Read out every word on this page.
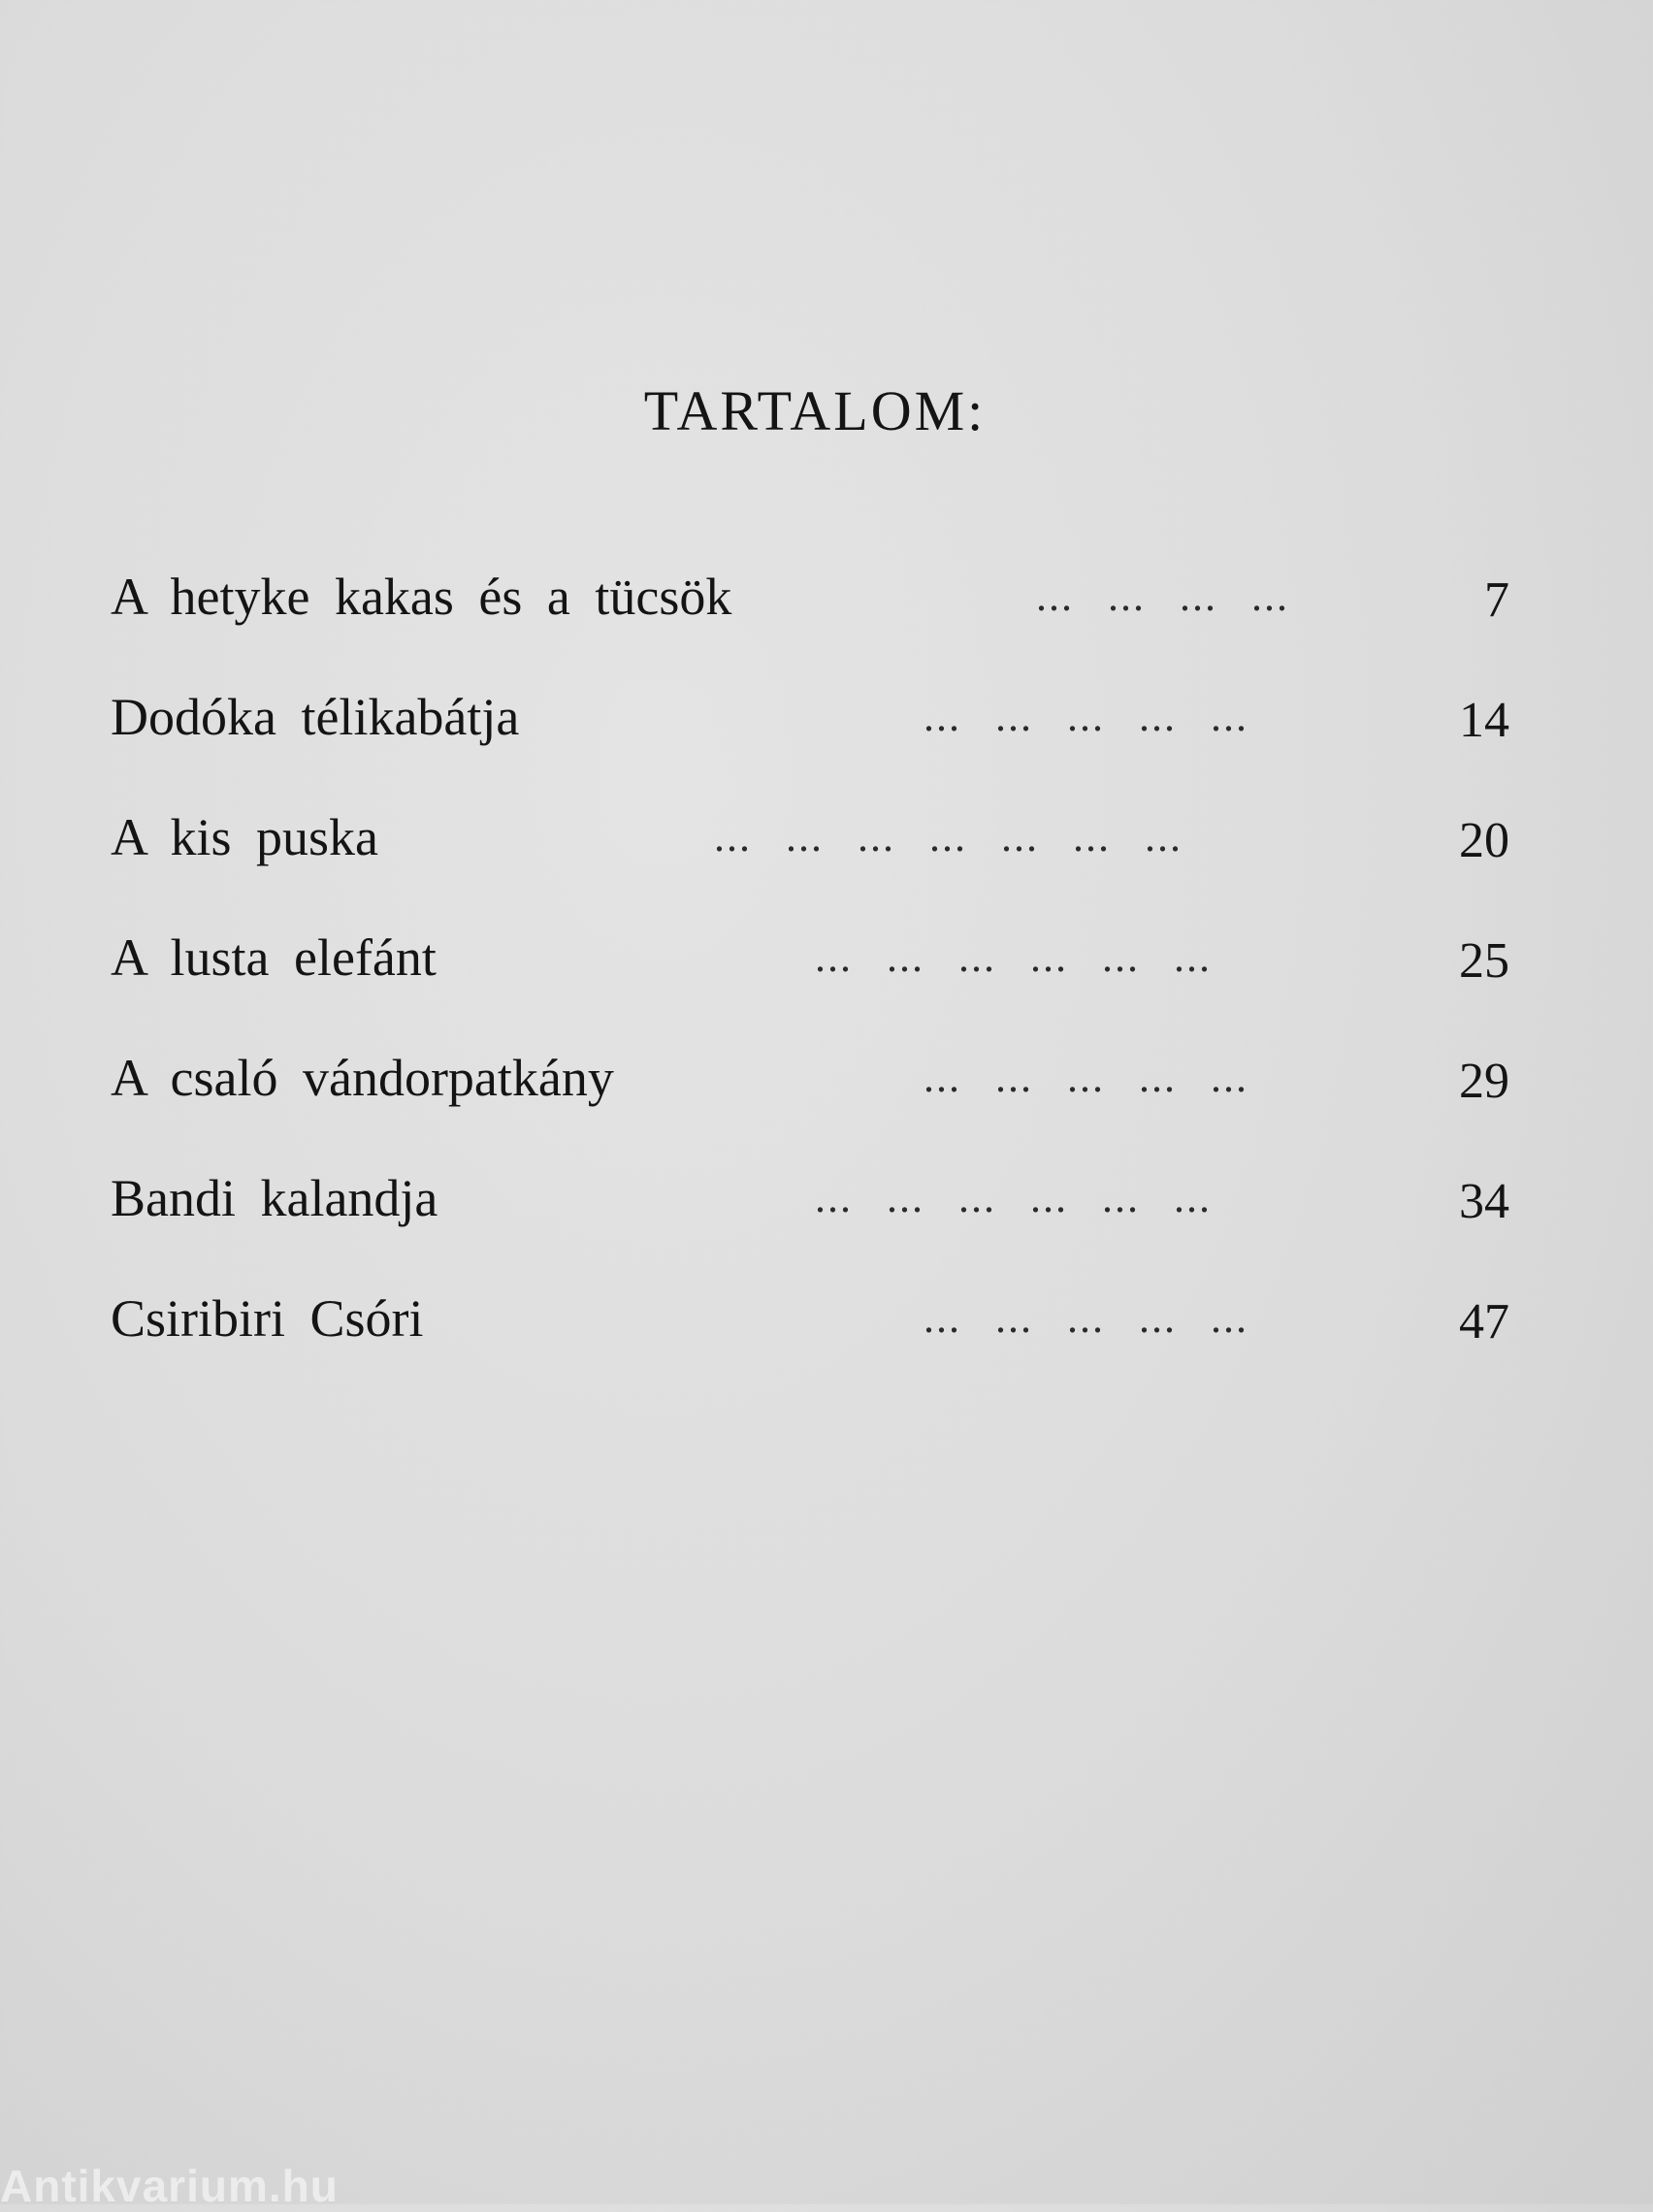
TARTALOM:
A hetyke kakas és a tücsök	... ... ... ...	7
Dodóka télikabátja	... ... ... ... ...	14
A kis puska	... ... ... ... ... ... ...	20
A lusta elefánt	... ... ... ... ... ...	25
A csaló vándorpatkány	... ... ... ... ...	29
Bandi kalandja	... ... ... ... ... ...	34
Csiribiri Csóri	... ... ... ... ...	47
Antikvarium.hu
